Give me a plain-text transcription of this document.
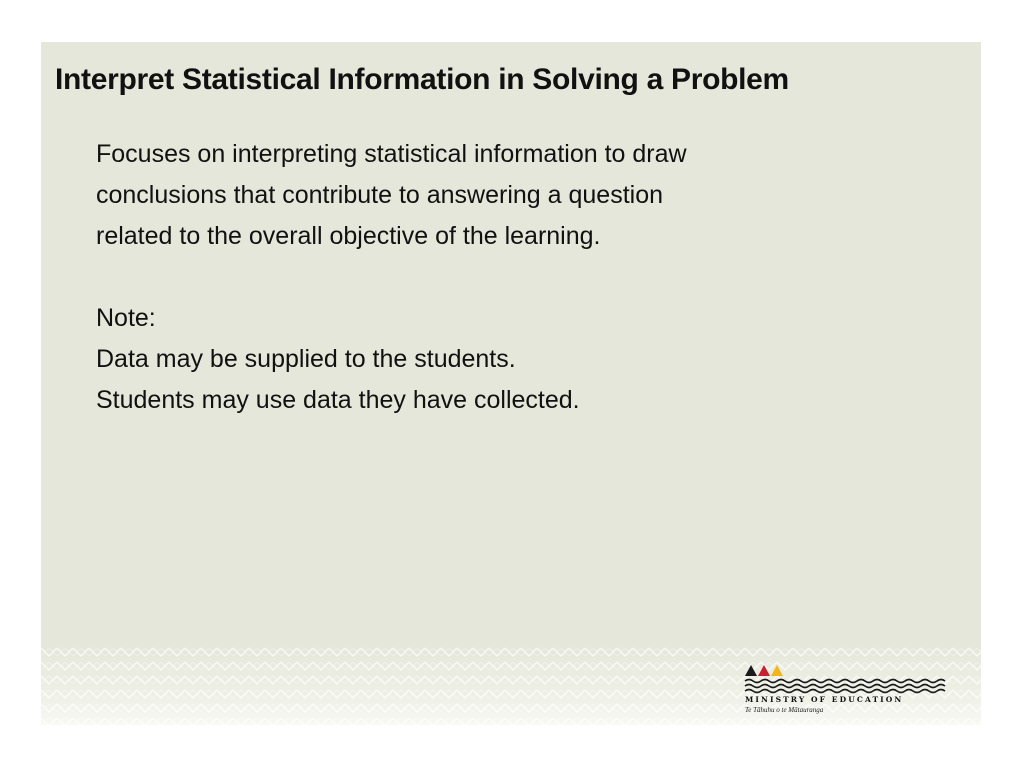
Interpret Statistical Information in Solving a Problem

Focuses on interpreting statistical information to draw

conclusions that contribute to answering a question

related to the overall objective of the learning.

Note:

Data may be supplied to the students.

Students may use data they have collected.

MINISTRY OF EDUCATION
Te Tāhuhu o te Mātauranga
